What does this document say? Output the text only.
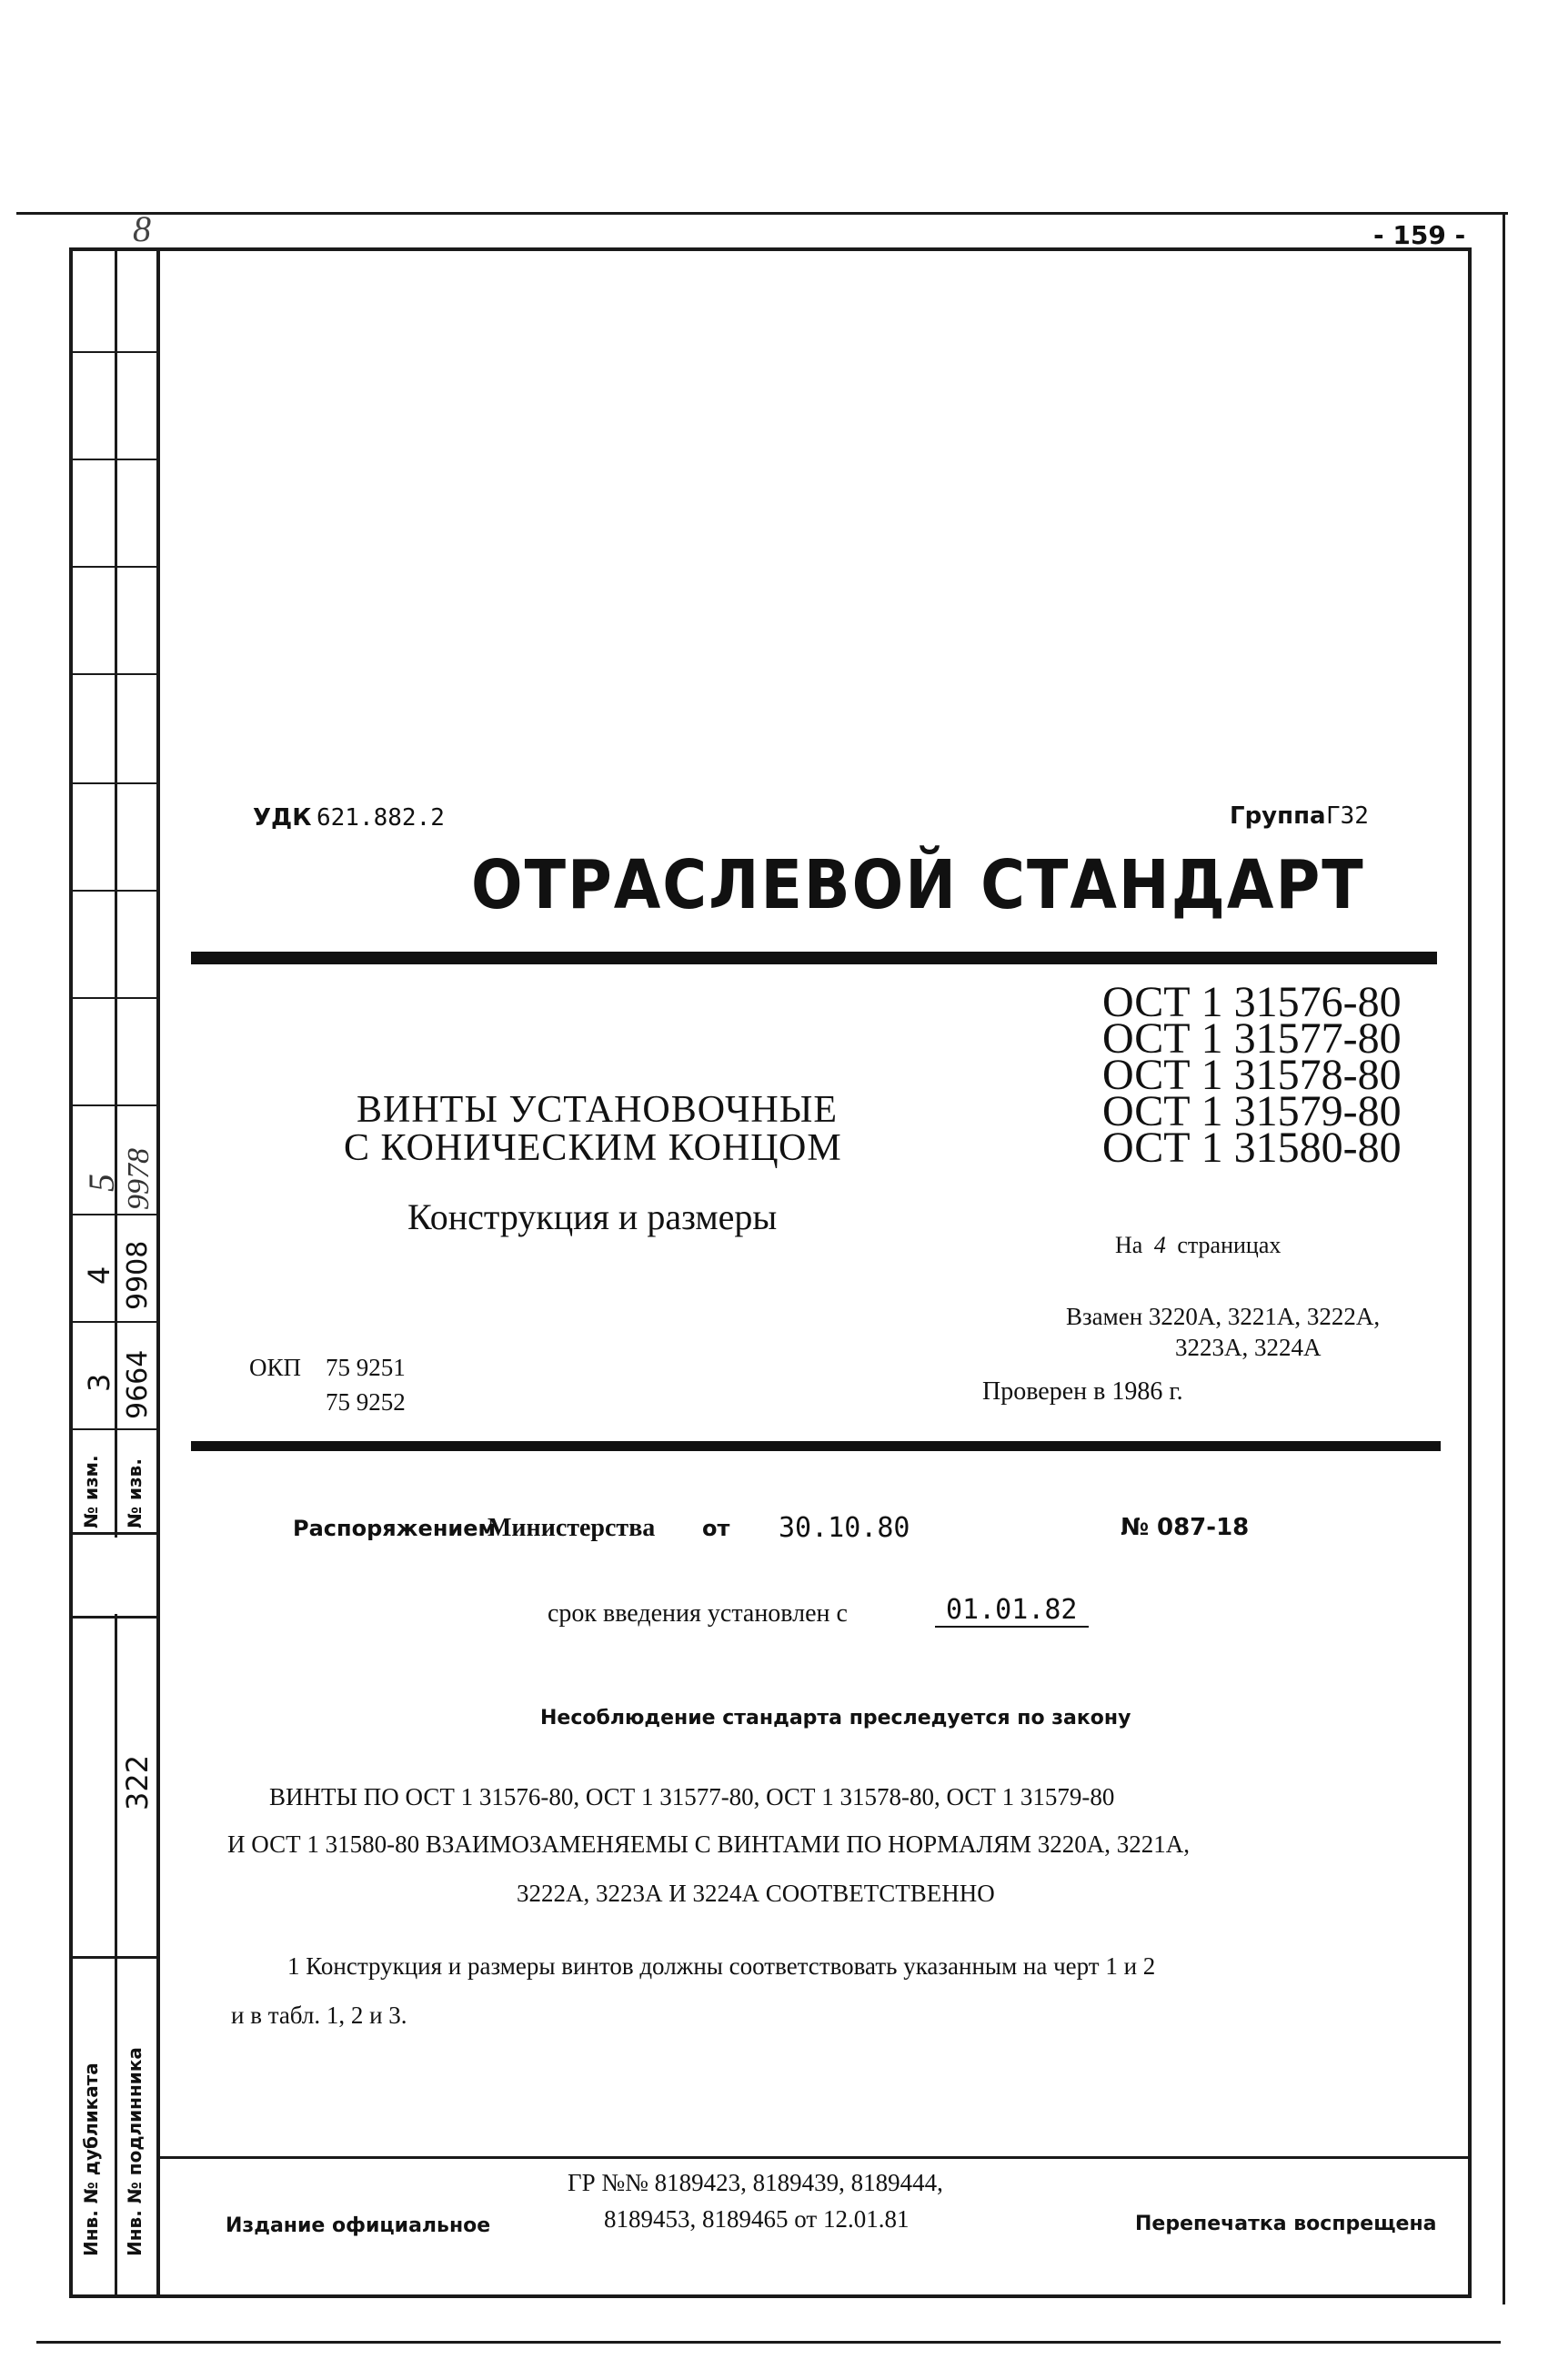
- 159 -
8
5 9978
4 9908
3 9664
№ изм. № изв.
322
Инв. № дубликата Инв. № подлинника
УДК 621.882.2	Группа Г32
ОТРАСЛЕВОЙ СТАНДАРТ
ОСТ 1 31576-80
ОСТ 1 31577-80
ОСТ 1 31578-80
ОСТ 1 31579-80
ОСТ 1 31580-80
ВИНТЫ УСТАНОВОЧНЫЕ
С КОНИЧЕСКИМ КОНЦОМ
Конструкция и размеры
На 4 страницах
Взамен 3220А, 3221А, 3222А,
3223А, 3224А
ОКП 75 9251
75 9252	Проверен в 1986 г.
Распоряжением
Министерства от 30.10.80	№ 087-18
срок введения установлен с	01.01.82
Несоблюдение стандарта преследуется по закону
ВИНТЫ ПО ОСТ 1 31576-80, ОСТ 1 31577-80, ОСТ 1 31578-80, ОСТ 1 31579-80
И ОСТ 1 31580-80 ВЗАИМОЗАМЕНЯЕМЫ С ВИНТАМИ ПО НОРМАЛЯМ 3220А, 3221А,
3222А, 3223А И 3224А СООТВЕТСТВЕННО
1 Конструкция и размеры винтов должны соответствовать указанным на черт 1 и 2
и в табл. 1, 2 и 3.
Издание официальное
ГР №№ 8189423, 8189439, 8189444,
8189453, 8189465 от 12.01.81	Перепечатка воспрещена
